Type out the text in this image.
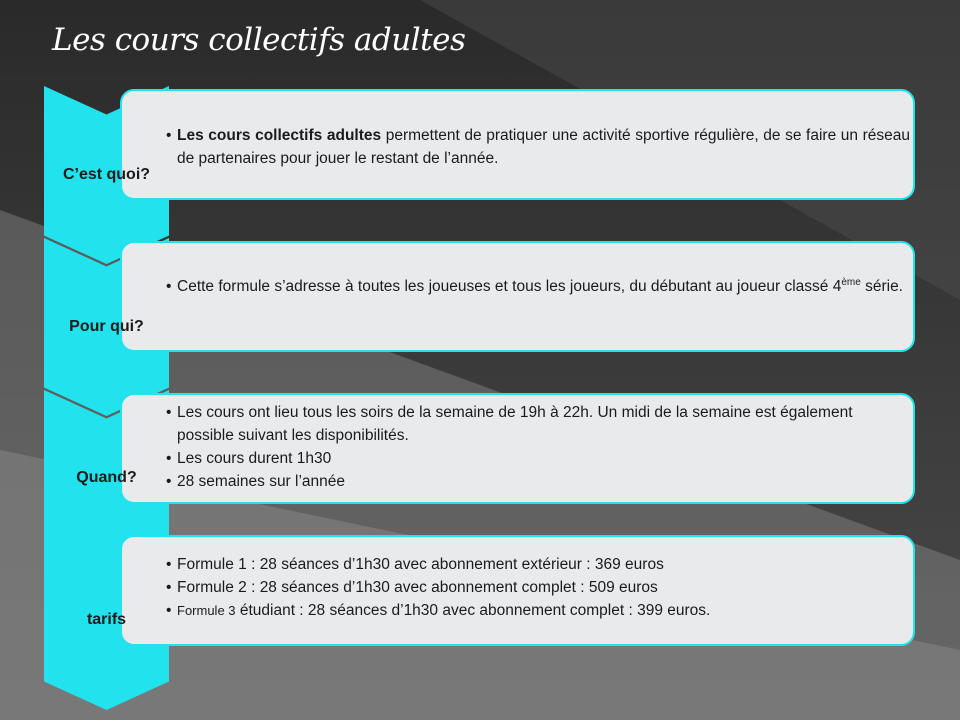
Les cours collectifs adultes
C’est quoi?

• Les cours collectifs adultes permettent de pratiquer une activité sportive régulière, de se faire un réseau de partenaires pour jouer le restant de l’année.

Pour qui?

• Cette formule s’adresse à toutes les joueuses et tous les joueurs, du débutant au joueur classé 4ème série.

Quand?

• Les cours ont lieu tous les soirs de la semaine de 19h à 22h. Un midi de la semaine est également possible suivant les disponibilités.

• Les cours durent 1h30

• 28 semaines sur l’année

tarifs

• Formule 1 : 28 séances d’1h30 avec abonnement extérieur : 369 euros

• Formule 2 : 28 séances d’1h30 avec abonnement complet : 509 euros

• Formule 3 étudiant : 28 séances d’1h30 avec abonnement complet : 399 euros.
